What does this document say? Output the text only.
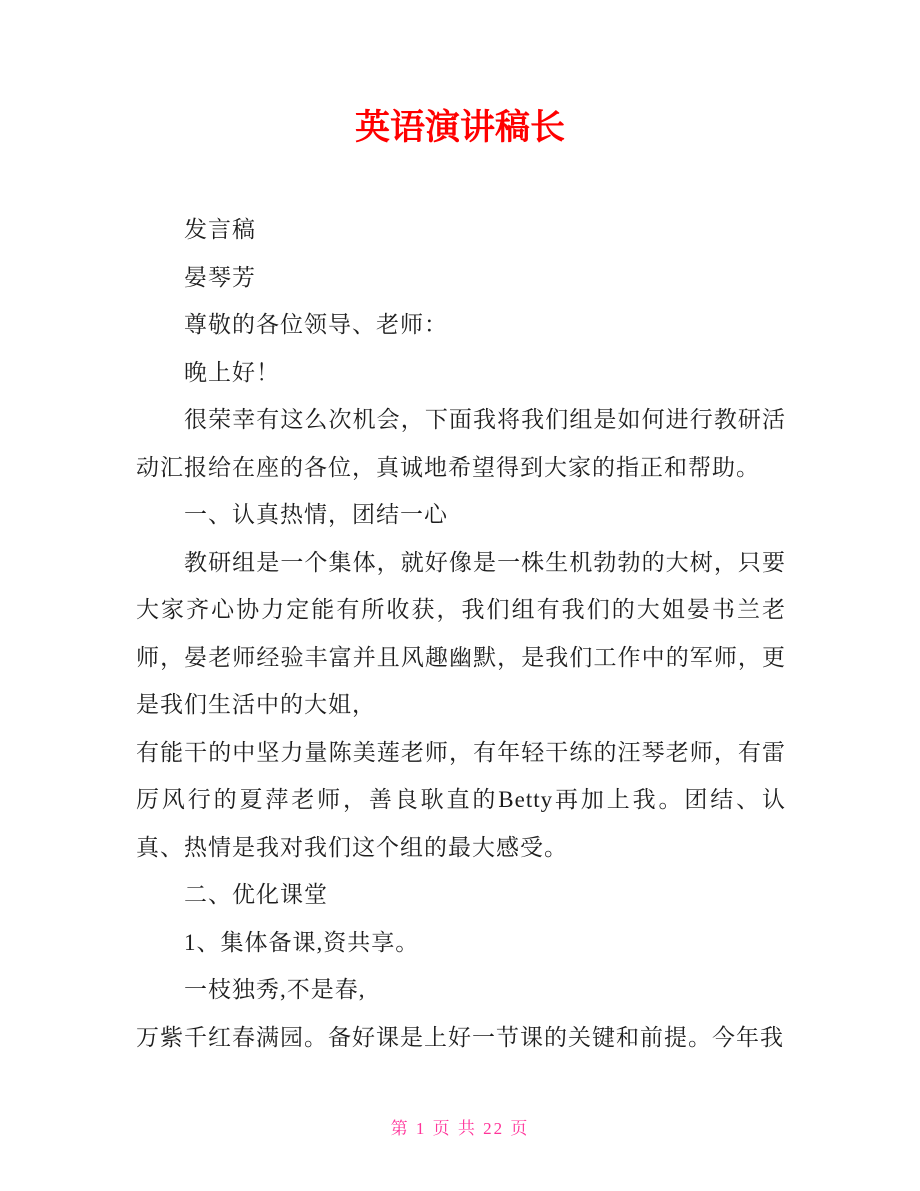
英语演讲稿长

发言稿

晏琴芳

尊敬的各位领导、老师：

晚上好！

很荣幸有这么次机会，下面我将我们组是如何进行教研活动汇报给在座的各位，真诚地希望得到大家的指正和帮助。

一、认真热情，团结一心

教研组是一个集体，就好像是一株生机勃勃的大树，只要大家齐心协力定能有所收获，我们组有我们的大姐晏书兰老师，晏老师经验丰富并且风趣幽默，是我们工作中的军师，更是我们生活中的大姐，

有能干的中坚力量陈美莲老师，有年轻干练的汪琴老师，有雷厉风行的夏萍老师，善良耿直的Betty再加上我。团结、认真、热情是我对我们这个组的最大感受。

二、优化课堂

1、集体备课,资共享。

一枝独秀,不是春,

万紫千红春满园。备好课是上好一节课的关键和前提。今年我

第 1 页 共 22 页
